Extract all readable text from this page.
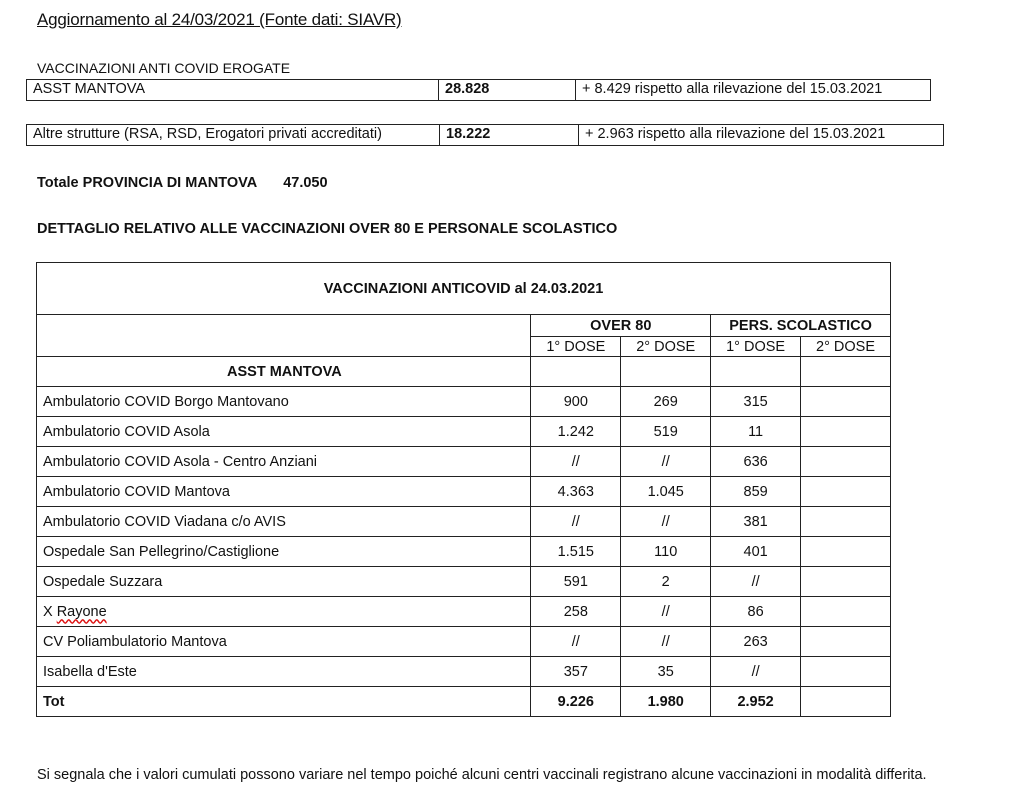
Aggiornamento al 24/03/2021 (Fonte dati: SIAVR)
VACCINAZIONI ANTI COVID EROGATE
ASST MANTOVA	28.828	+ 8.429 rispetto alla rilevazione del 15.03.2021
Altre strutture (RSA, RSD, Erogatori privati accreditati)	18.222	+ 2.963 rispetto alla rilevazione del 15.03.2021
Totale PROVINCIA DI MANTOVA 47.050
DETTAGLIO RELATIVO ALLE VACCINAZIONI OVER 80 E PERSONALE SCOLASTICO
VACCINAZIONI ANTICOVID al 24.03.2021				
	OVER 80		PERS. SCOLASTICO	
	1° DOSE	2° DOSE	1° DOSE	2° DOSE
ASST MANTOVA				
Ambulatorio COVID Borgo Mantovano	900	269	315	
Ambulatorio COVID Asola	1.242	519	11	
Ambulatorio COVID Asola - Centro Anziani	//	//	636	
Ambulatorio COVID Mantova	4.363	1.045	859	
Ambulatorio COVID Viadana c/o AVIS	//	//	381	
Ospedale San Pellegrino/Castiglione	1.515	110	401	
Ospedale Suzzara	591	2	//	
X Rayone	258	//	86	
CV Poliambulatorio Mantova	//	//	263	
Isabella d'Este	357	35	//	
Tot	9.226	1.980	2.952	
Si segnala che i valori cumulati possono variare nel tempo poiché alcuni centri vaccinali registrano alcune vaccinazioni in modalità differita.
